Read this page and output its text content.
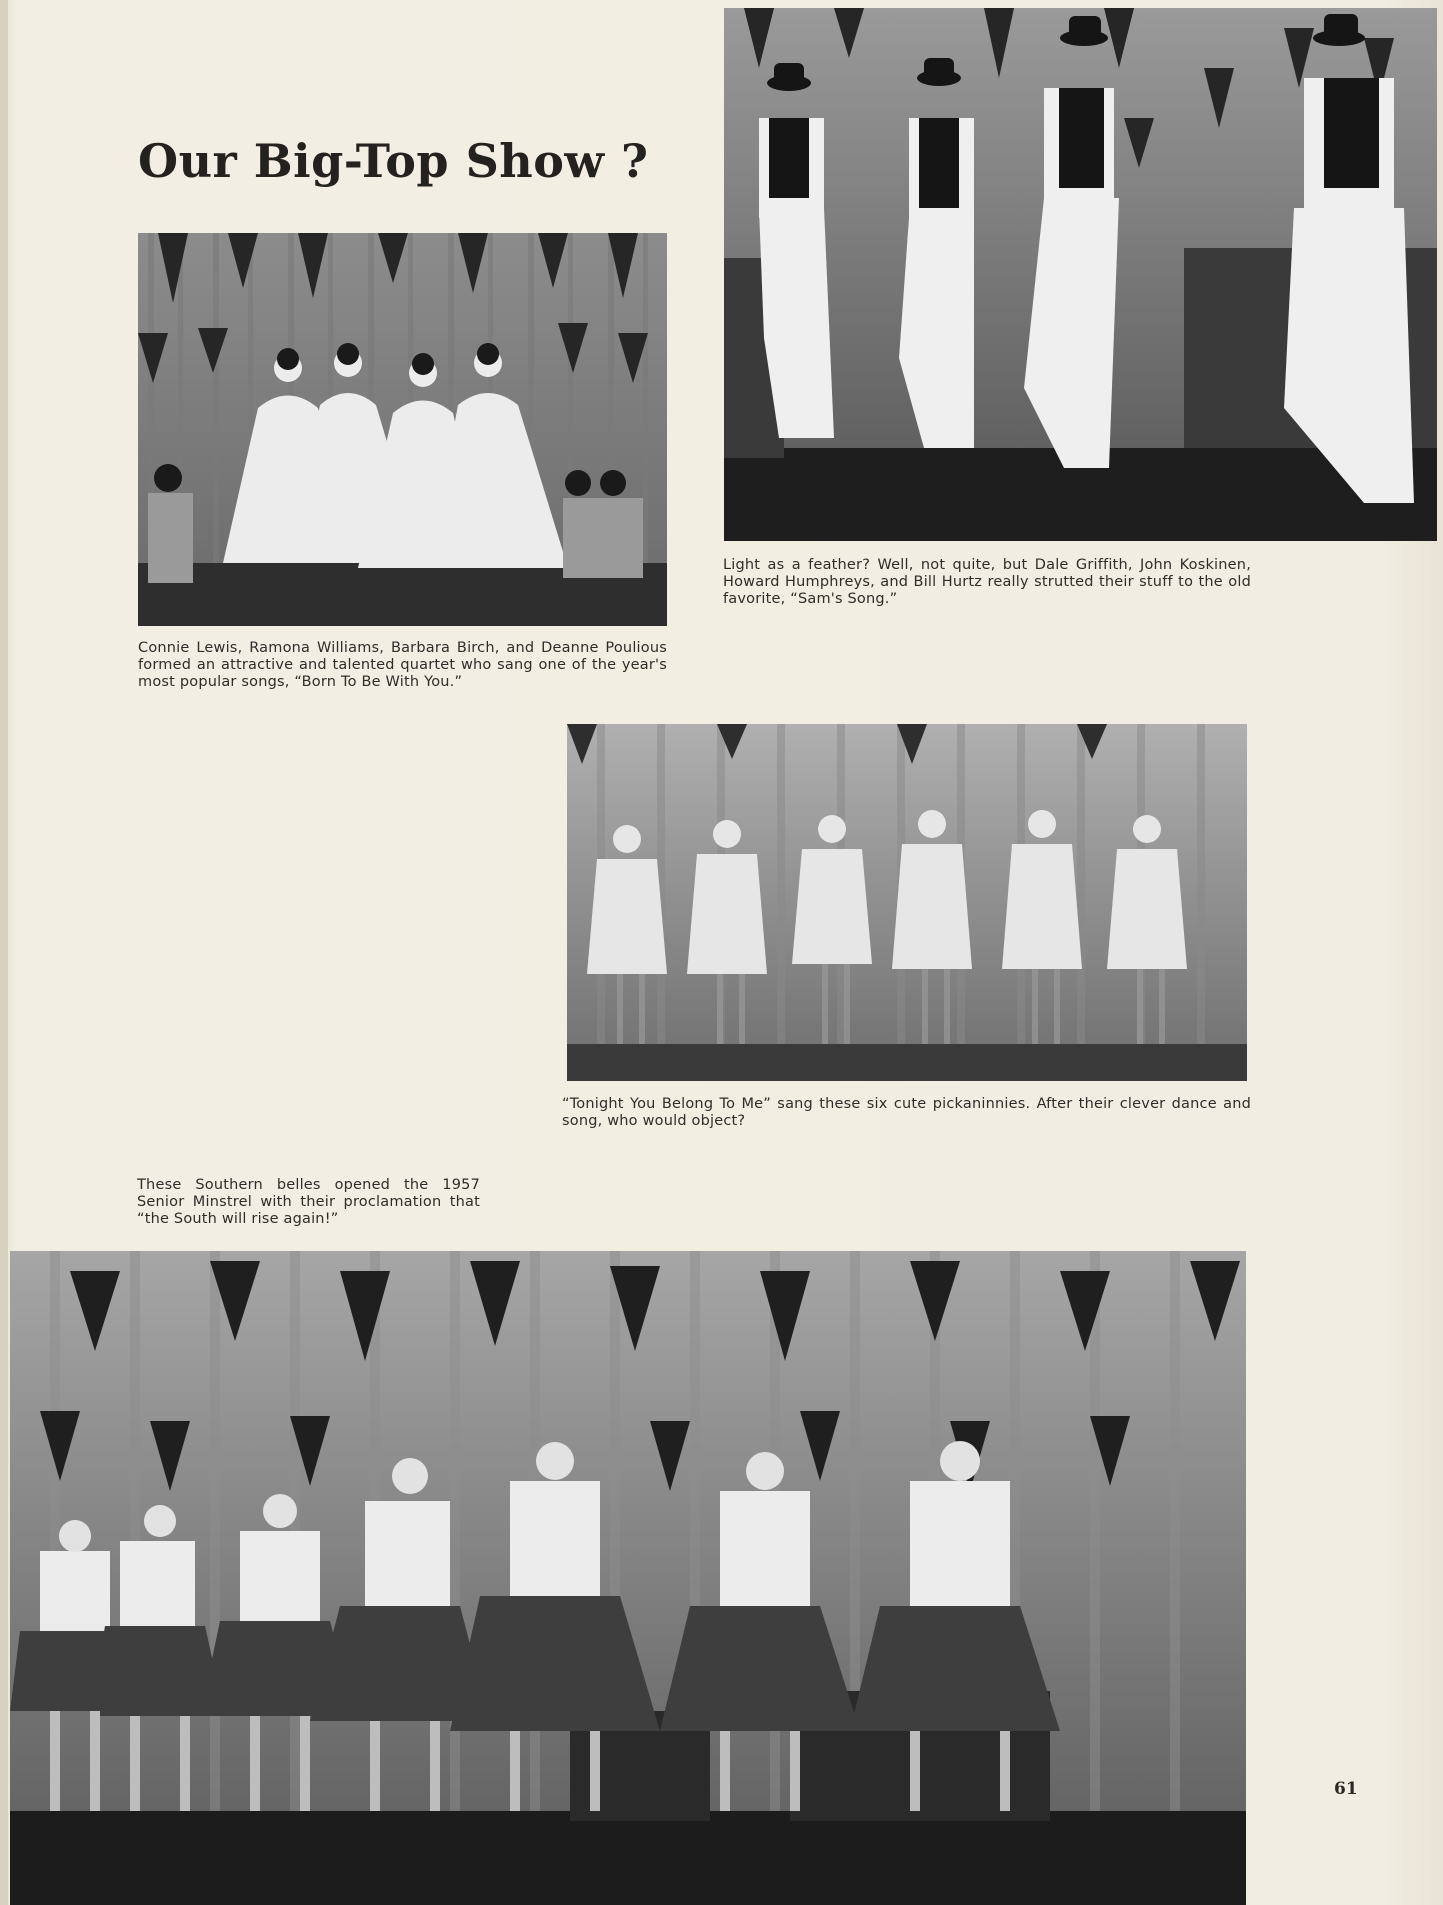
Our Big-Top Show ?
Connie Lewis, Ramona Williams, Barbara Birch, and Deanne Poulious formed an attractive and talented quartet who sang one of the year's most popular songs, “Born To Be With You.”
Light as a feather? Well, not quite, but Dale Griffith, John Koskinen, Howard Humphreys, and Bill Hurtz really strutted their stuff to the old favorite, “Sam's Song.”
“Tonight You Belong To Me” sang these six cute pickaninnies. After their clever dance and song, who would object?
These Southern belles opened the 1957 Senior Minstrel with their proclamation that “the South will rise again!”
61
